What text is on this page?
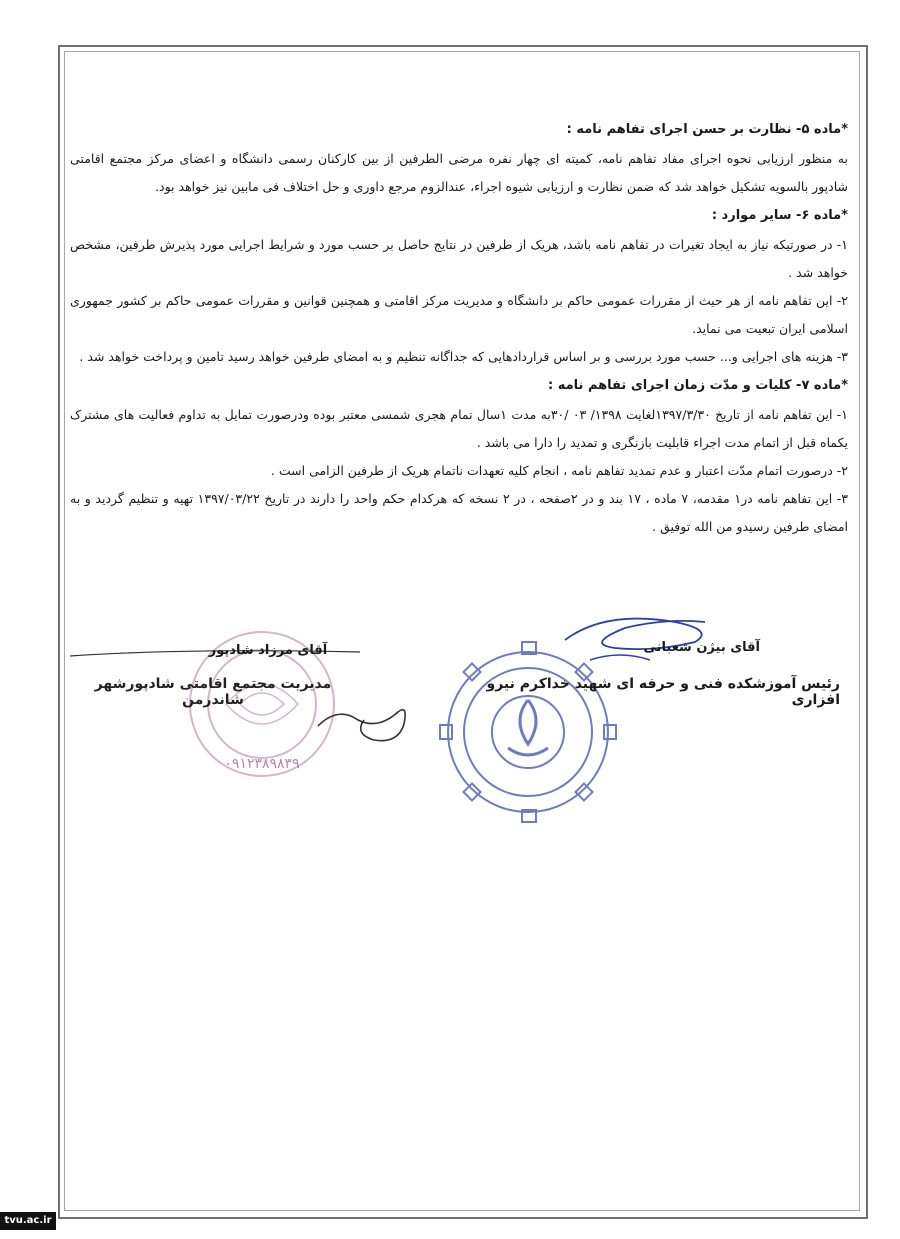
*ماده ۵- نظارت بر حسن اجرای تفاهم نامه :

به منظور ارزیابی نحوه اجرای مفاد تفاهم نامه، کمیته ای چهار نفره مرضی الطرفین از بین کارکنان رسمی دانشگاه و اعضای مرکز مجتمع اقامتی شادپور بالسویه تشکیل خواهد شد که ضمن نظارت و ارزیابی شیوه اجراء، عندالزوم مرجع داوری و حل اختلاف فی مابین نیز خواهد بود.

*ماده ۶- سایر موارد :

۱- در صورتیکه نیاز به ایجاد تغیرات در تفاهم نامه باشد، هریک از طرفین در نتایج حاصل بر حسب مورد و شرایط اجرایی مورد پذیرش طرفین، مشخص خواهد شد .

۲- این تفاهم نامه از هر حیث از مقررات عمومی حاکم بر دانشگاه و مدیریت مرکز اقامتی و همچنین قوانین و مقررات عمومی حاکم بر کشور جمهوری اسلامی ایران تبعیت می نماید.

۳- هزینه های اجرایی و... حسب مورد بررسی و بر اساس قراردادهایی که جداگانه تنظیم و به امضای طرفین خواهد رسید تامین و پرداخت خواهد شد .

*ماده ۷- کلیات و مدّت زمان اجرای تفاهم نامه :

۱- این تفاهم نامه از تاریخ ۱۳۹۷/۳/۳۰لغایت ۱۳۹۸/ ۰۳ /۳۰به مدت ۱سال تمام هجری شمسی معتبر بوده ودرصورت تمایل به تداوم فعالیت های مشترک یکماه قبل از اتمام مدت اجراء قابلیت بازنگری و تمدید را دارا می باشد .

۲- درصورت اتمام مدّت اعتبار و عدم تمدید تفاهم نامه ، انجام کلیه تعهدات ناتمام هریک از طرفین الزامی است .

۳- این تفاهم نامه در۱ مقدمه، ۷ ماده ، ۱۷ بند و در ۲صفحه ، در ۲ نسخه که هرکدام حکم واحد را دارند در تاریخ ۱۳۹۷/۰۳/۲۲ تهیه و تنظیم گردید و به امضای طرفین رسیدو من الله توفیق .

۰۹۱۲۳۸۹۸۳۹
آقای بیژن شعبانی
رئیس آموزشکده فنی و حرفه ای شهید خداکرم نیرو افزاری
آقای مرزاد شادپور
مدیریت مجتمع اقامتی شادپورشهر شاندرمن
tvu.ac.ir
